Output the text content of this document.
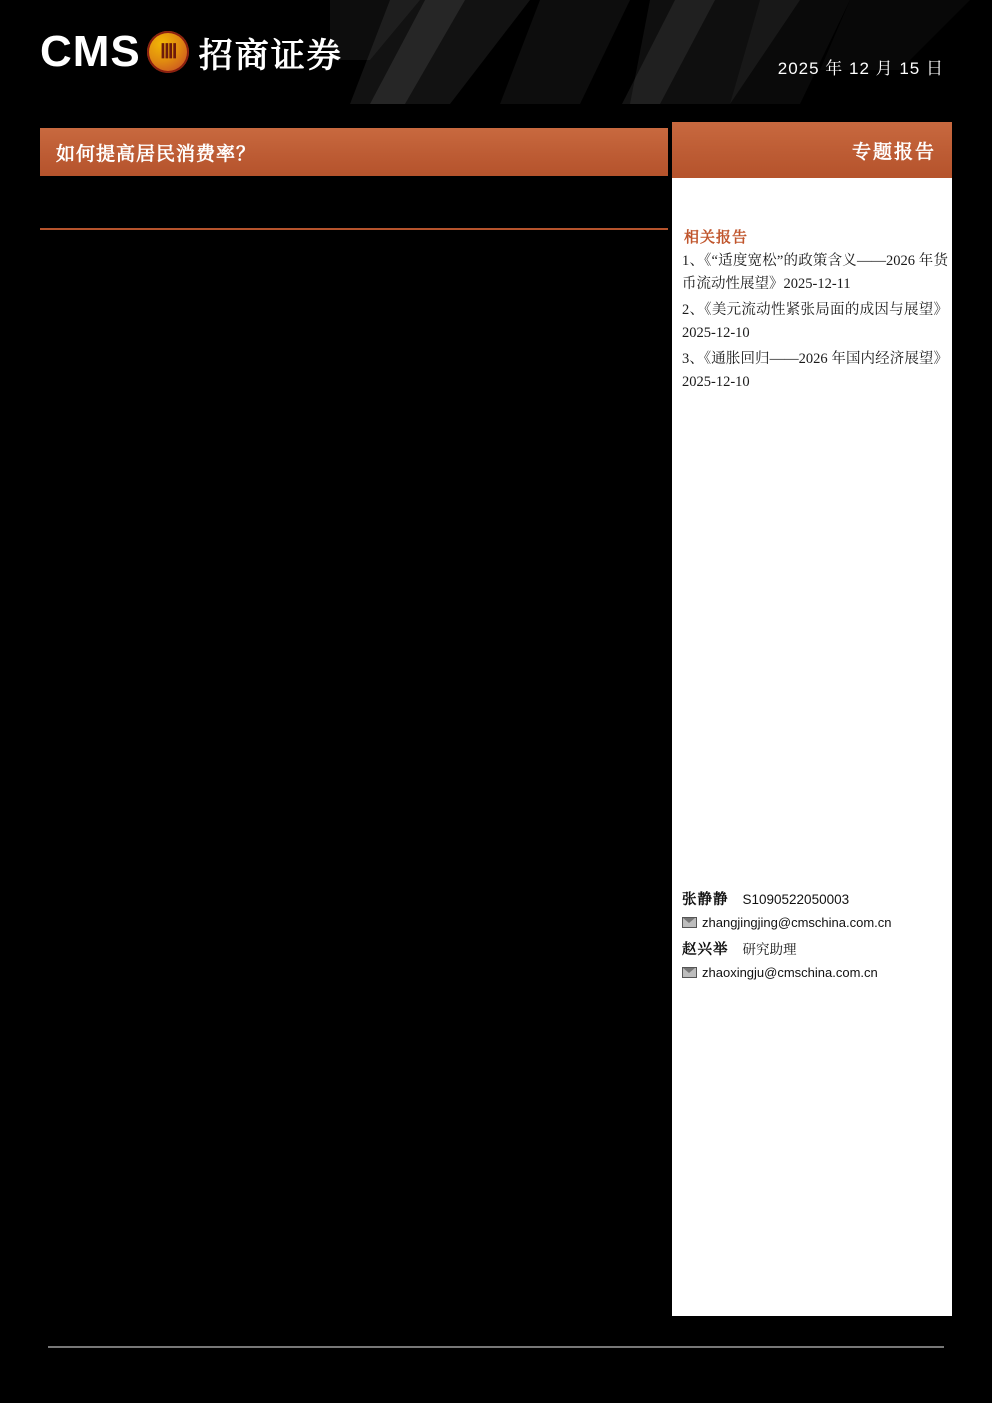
CMS ⅡⅡ 招商证券	2025 年 12 月 15 日
如何提高居民消费率？	专题报告
相关报告

1、《“适度宽松”的政策含义——2026 年货币流动性展望》2025-12-11

2、《美元流动性紧张局面的成因与展望》2025-12-10

3、《通胀回归——2026 年国内经济展望》2025-12-10

张静静 S1090522050003
zhangjingjing@cmschina.com.cn
赵兴举 研究助理
zhaoxingju@cmschina.com.cn
